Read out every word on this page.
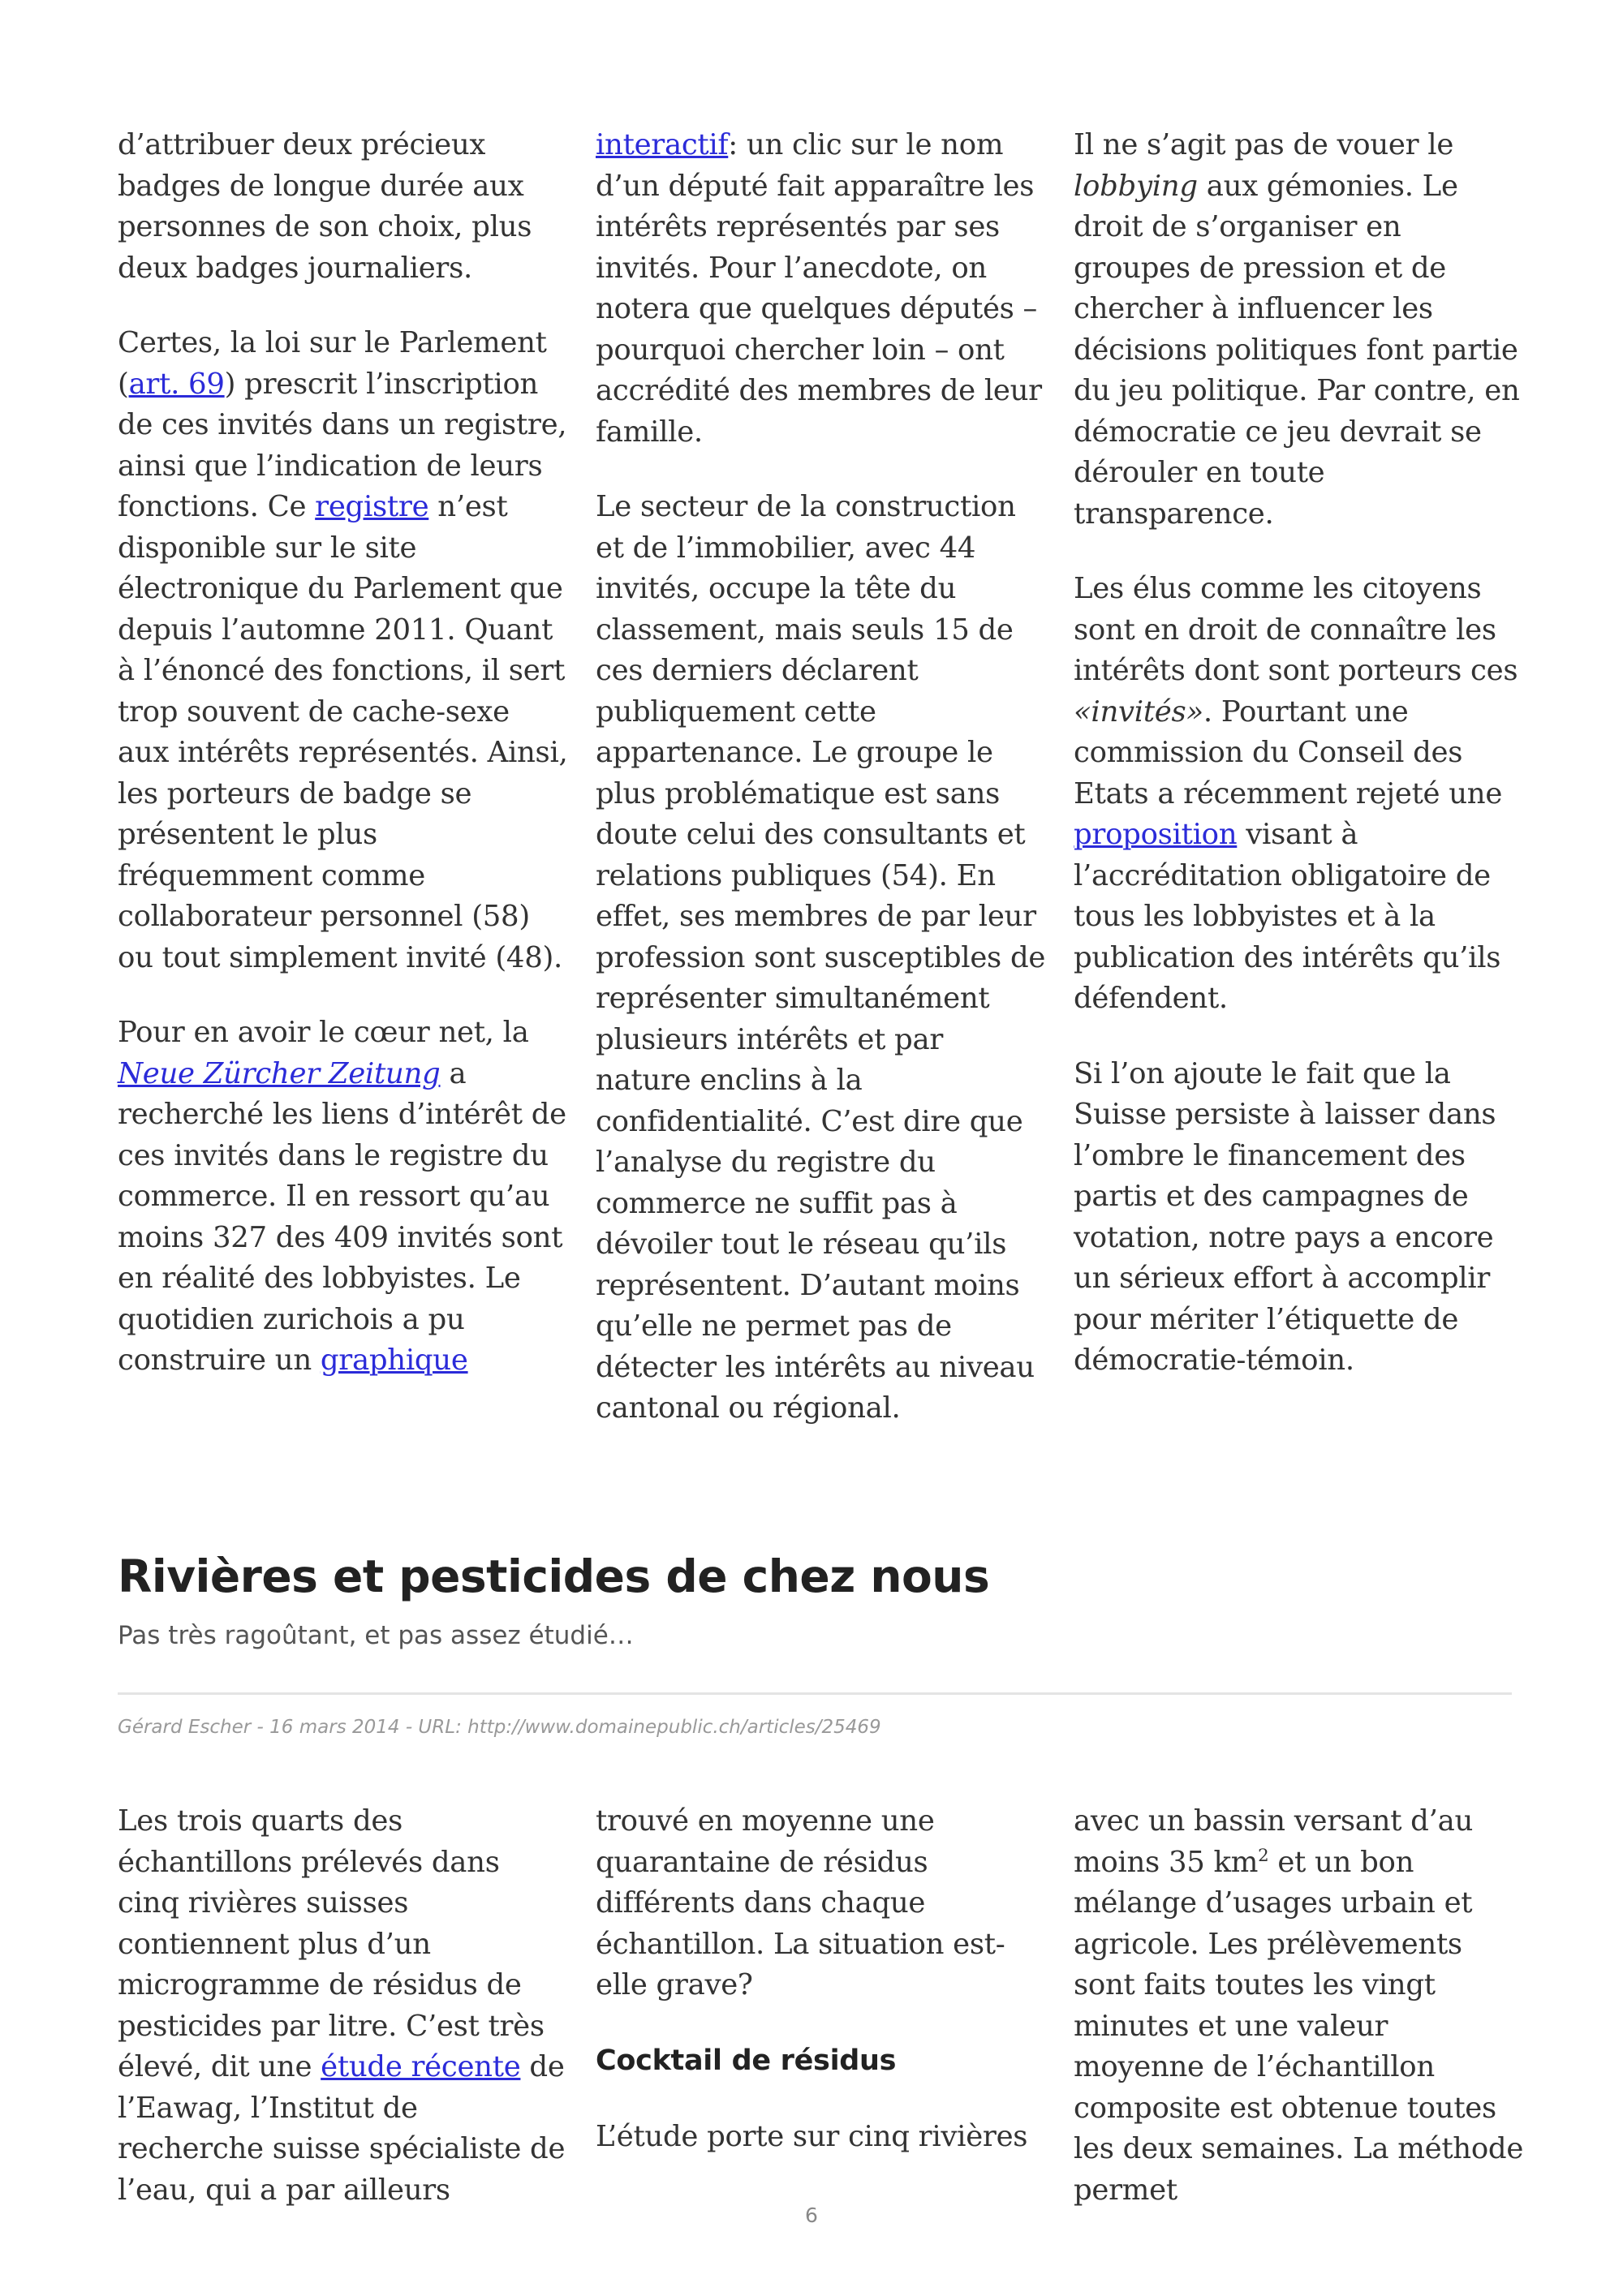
d’attribuer deux précieux badges de longue durée aux personnes de son choix, plus deux badges journaliers.

Certes, la loi sur le Parlement (art. 69) prescrit l’inscription de ces invités dans un registre, ainsi que l’indication de leurs fonctions. Ce registre n’est disponible sur le site électronique du Parlement que depuis l’automne 2011. Quant à l’énoncé des fonctions, il sert trop souvent de cache-sexe aux intérêts représentés. Ainsi, les porteurs de badge se présentent le plus fréquemment comme collaborateur personnel (58) ou tout simplement invité (48).

Pour en avoir le cœur net, la Neue Zürcher Zeitung a recherché les liens d’intérêt de ces invités dans le registre du commerce. Il en ressort qu’au moins 327 des 409 invités sont en réalité des lobbyistes. Le quotidien zurichois a pu construire un graphique

interactif: un clic sur le nom d’un député fait apparaître les intérêts représentés par ses invités. Pour l’anecdote, on notera que quelques députés – pourquoi chercher loin – ont accrédité des membres de leur famille.

Le secteur de la construction et de l’immobilier, avec 44 invités, occupe la tête du classement, mais seuls 15 de ces derniers déclarent publiquement cette appartenance. Le groupe le plus problématique est sans doute celui des consultants et relations publiques (54). En effet, ses membres de par leur profession sont susceptibles de représenter simultanément plusieurs intérêts et par nature enclins à la confidentialité. C’est dire que l’analyse du registre du commerce ne suffit pas à dévoiler tout le réseau qu’ils représentent. D’autant moins qu’elle ne permet pas de détecter les intérêts au niveau cantonal ou régional.

Il ne s’agit pas de vouer le lobbying aux gémonies. Le droit de s’organiser en groupes de pression et de chercher à influencer les décisions politiques font partie du jeu politique. Par contre, en démocratie ce jeu devrait se dérouler en toute transparence.

Les élus comme les citoyens sont en droit de connaître les intérêts dont sont porteurs ces «invités». Pourtant une commission du Conseil des Etats a récemment rejeté une proposition visant à l’accréditation obligatoire de tous les lobbyistes et à la publication des intérêts qu’ils défendent.

Si l’on ajoute le fait que la Suisse persiste à laisser dans l’ombre le financement des partis et des campagnes de votation, notre pays a encore un sérieux effort à accomplir pour mériter l’étiquette de démocratie-témoin.

Rivières et pesticides de chez nous
Pas très ragoûtant, et pas assez étudié…
Gérard Escher - 16 mars 2014 - URL: http://www.domainepublic.ch/articles/25469

Les trois quarts des échantillons prélevés dans cinq rivières suisses contiennent plus d’un microgramme de résidus de pesticides par litre. C’est très élevé, dit une étude récente de l’Eawag, l’Institut de recherche suisse spécialiste de l’eau, qui a par ailleurs

trouvé en moyenne une quarantaine de résidus différents dans chaque échantillon. La situation est-elle grave?

Cocktail de résidus

L’étude porte sur cinq rivières

avec un bassin versant d’au moins 35 $km^2$ et un bon mélange d’usages urbain et agricole. Les prélèvements sont faits toutes les vingt minutes et une valeur moyenne de l’échantillon composite est obtenue toutes les deux semaines. La méthode permet

6
